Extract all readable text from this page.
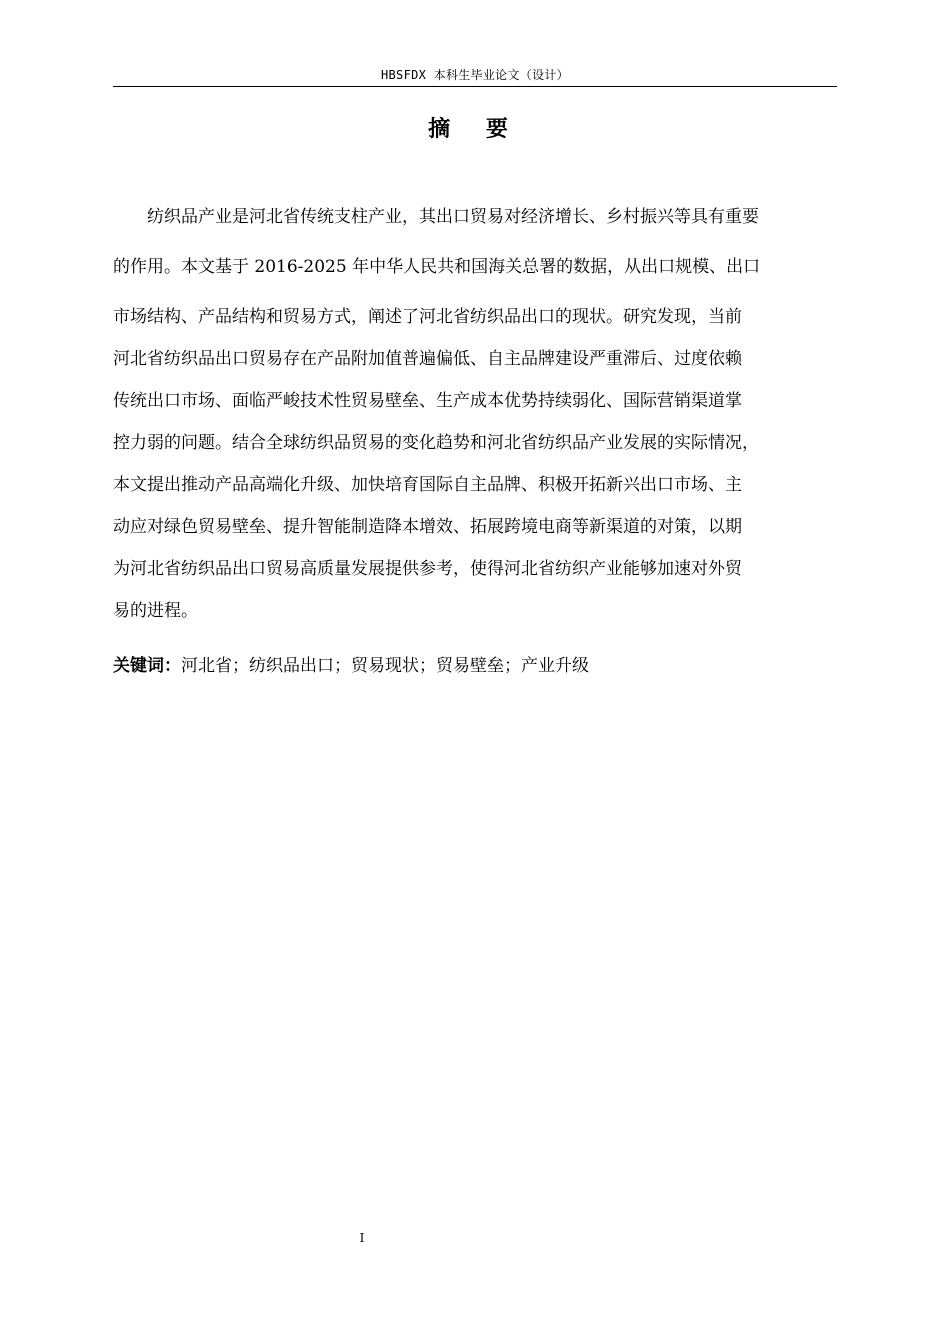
HBSFDX 本科生毕业论文（设计）
摘 要

纺织品产业是河北省传统支柱产业，其出口贸易对经济增长、乡村振兴等具有重要
的作用。本文基于 2016-2025 年中华人民共和国海关总署的数据，从出口规模、出口
市场结构、产品结构和贸易方式，阐述了河北省纺织品出口的现状。研究发现，当前
河北省纺织品出口贸易存在产品附加值普遍偏低、自主品牌建设严重滞后、过度依赖
传统出口市场、面临严峻技术性贸易壁垒、生产成本优势持续弱化、国际营销渠道掌
控力弱的问题。结合全球纺织品贸易的变化趋势和河北省纺织品产业发展的实际情况，
本文提出推动产品高端化升级、加快培育国际自主品牌、积极开拓新兴出口市场、主
动应对绿色贸易壁垒、提升智能制造降本增效、拓展跨境电商等新渠道的对策，以期
为河北省纺织品出口贸易高质量发展提供参考，使得河北省纺织产业能够加速对外贸
易的进程。

关键词：河北省；纺织品出口；贸易现状；贸易壁垒；产业升级
I
